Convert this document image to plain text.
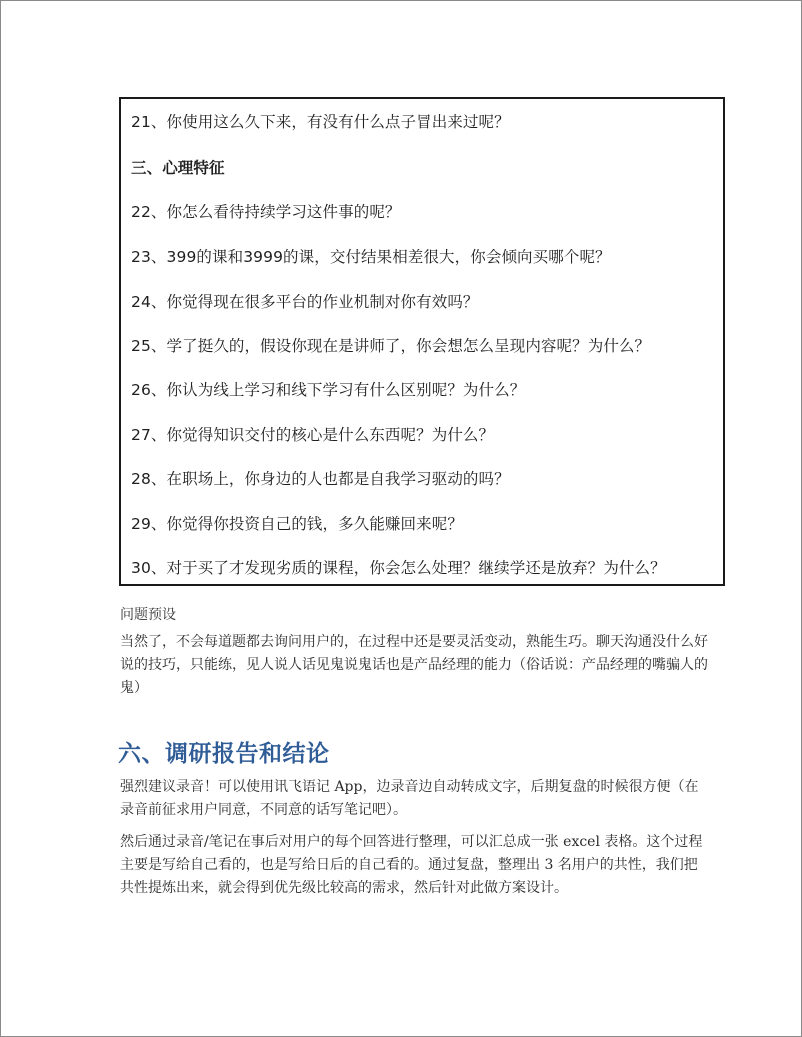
21、你使用这么久下来，有没有什么点子冒出来过呢？
三、心理特征
22、你怎么看待持续学习这件事的呢？
23、399的课和3999的课，交付结果相差很大，你会倾向买哪个呢？
24、你觉得现在很多平台的作业机制对你有效吗？
25、学了挺久的，假设你现在是讲师了，你会想怎么呈现内容呢？为什么？
26、你认为线上学习和线下学习有什么区别呢？为什么？
27、你觉得知识交付的核心是什么东西呢？为什么？
28、在职场上，你身边的人也都是自我学习驱动的吗？
29、你觉得你投资自己的钱，多久能赚回来呢？
30、对于买了才发现劣质的课程，你会怎么处理？继续学还是放弃？为什么？
问题预设

当然了，不会每道题都去询问用户的，在过程中还是要灵活变动，熟能生巧。聊天沟通没什么好说的技巧，只能练，见人说人话见鬼说鬼话也是产品经理的能力（俗话说：产品经理的嘴骗人的鬼）

六、调研报告和结论

强烈建议录音！可以使用讯飞语记 App，边录音边自动转成文字，后期复盘的时候很方便（在录音前征求用户同意，不同意的话写笔记吧）。

然后通过录音/笔记在事后对用户的每个回答进行整理，可以汇总成一张 excel 表格。这个过程主要是写给自己看的，也是写给日后的自己看的。通过复盘，整理出 3 名用户的共性，我们把共性提炼出来，就会得到优先级比较高的需求，然后针对此做方案设计。
